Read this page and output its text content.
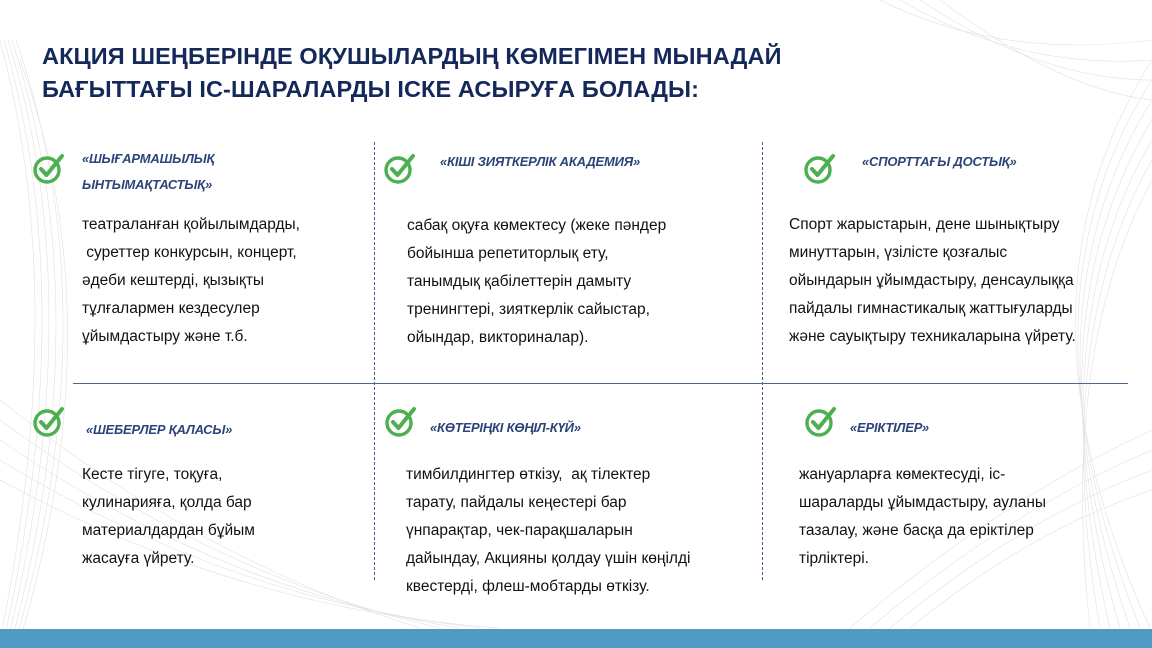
АКЦИЯ ШЕҢБЕРІНДЕ ОҚУШЫЛАРДЫҢ КӨМЕГІМЕН МЫНАДАЙ
БАҒЫТТАҒЫ ІС-ШАРАЛАРДЫ ІСКЕ АСЫРУҒА БОЛАДЫ:
«ШЫҒАРМАШЫЛЫҚ
ЫНТЫМАҚТАСТЫҚ»
театраланған қойылымдарды,
суреттер конкурсын, концерт,
әдеби кештерді, қызықты
тұлғалармен кездесулер
ұйымдастыру және т.б.
«КІШІ ЗИЯТКЕРЛІК АКАДЕМИЯ»
сабақ оқуға көмектесу (жеке пәндер
бойынша репетиторлық ету,
танымдық қабілеттерін дамыту
тренингтері, зияткерлік сайыстар,
ойындар, викториналар).
«СПОРТТАҒЫ ДОСТЫҚ»
Спорт жарыстарын, дене шынықтыру
минуттарын, үзілісте қозғалыс
ойындарын ұйымдастыру, денсаулыққа
пайдалы гимнастикалық жаттығуларды
және сауықтыру техникаларына үйрету.
«ШЕБЕРЛЕР ҚАЛАСЫ»
Кесте тігуге, тоқуға,
кулинарияға, қолда бар
материалдардан бұйым
жасауға үйрету.
«КӨТЕРІҢКІ КӨҢІЛ-КҮЙ»
тимбилдингтер өткізу,  ақ тілектер
тарату, пайдалы кеңестері бар
үнпарақтар, чек-парақшаларын
дайындау, Акцияны қолдау үшін көңілді
квестерді, флеш-мобтарды өткізу.
«ЕРІКТІЛЕР»
жануарларға көмектесуді, іс-
шараларды ұйымдастыру, ауланы
тазалау, және басқа да еріктілер
тірліктері.
